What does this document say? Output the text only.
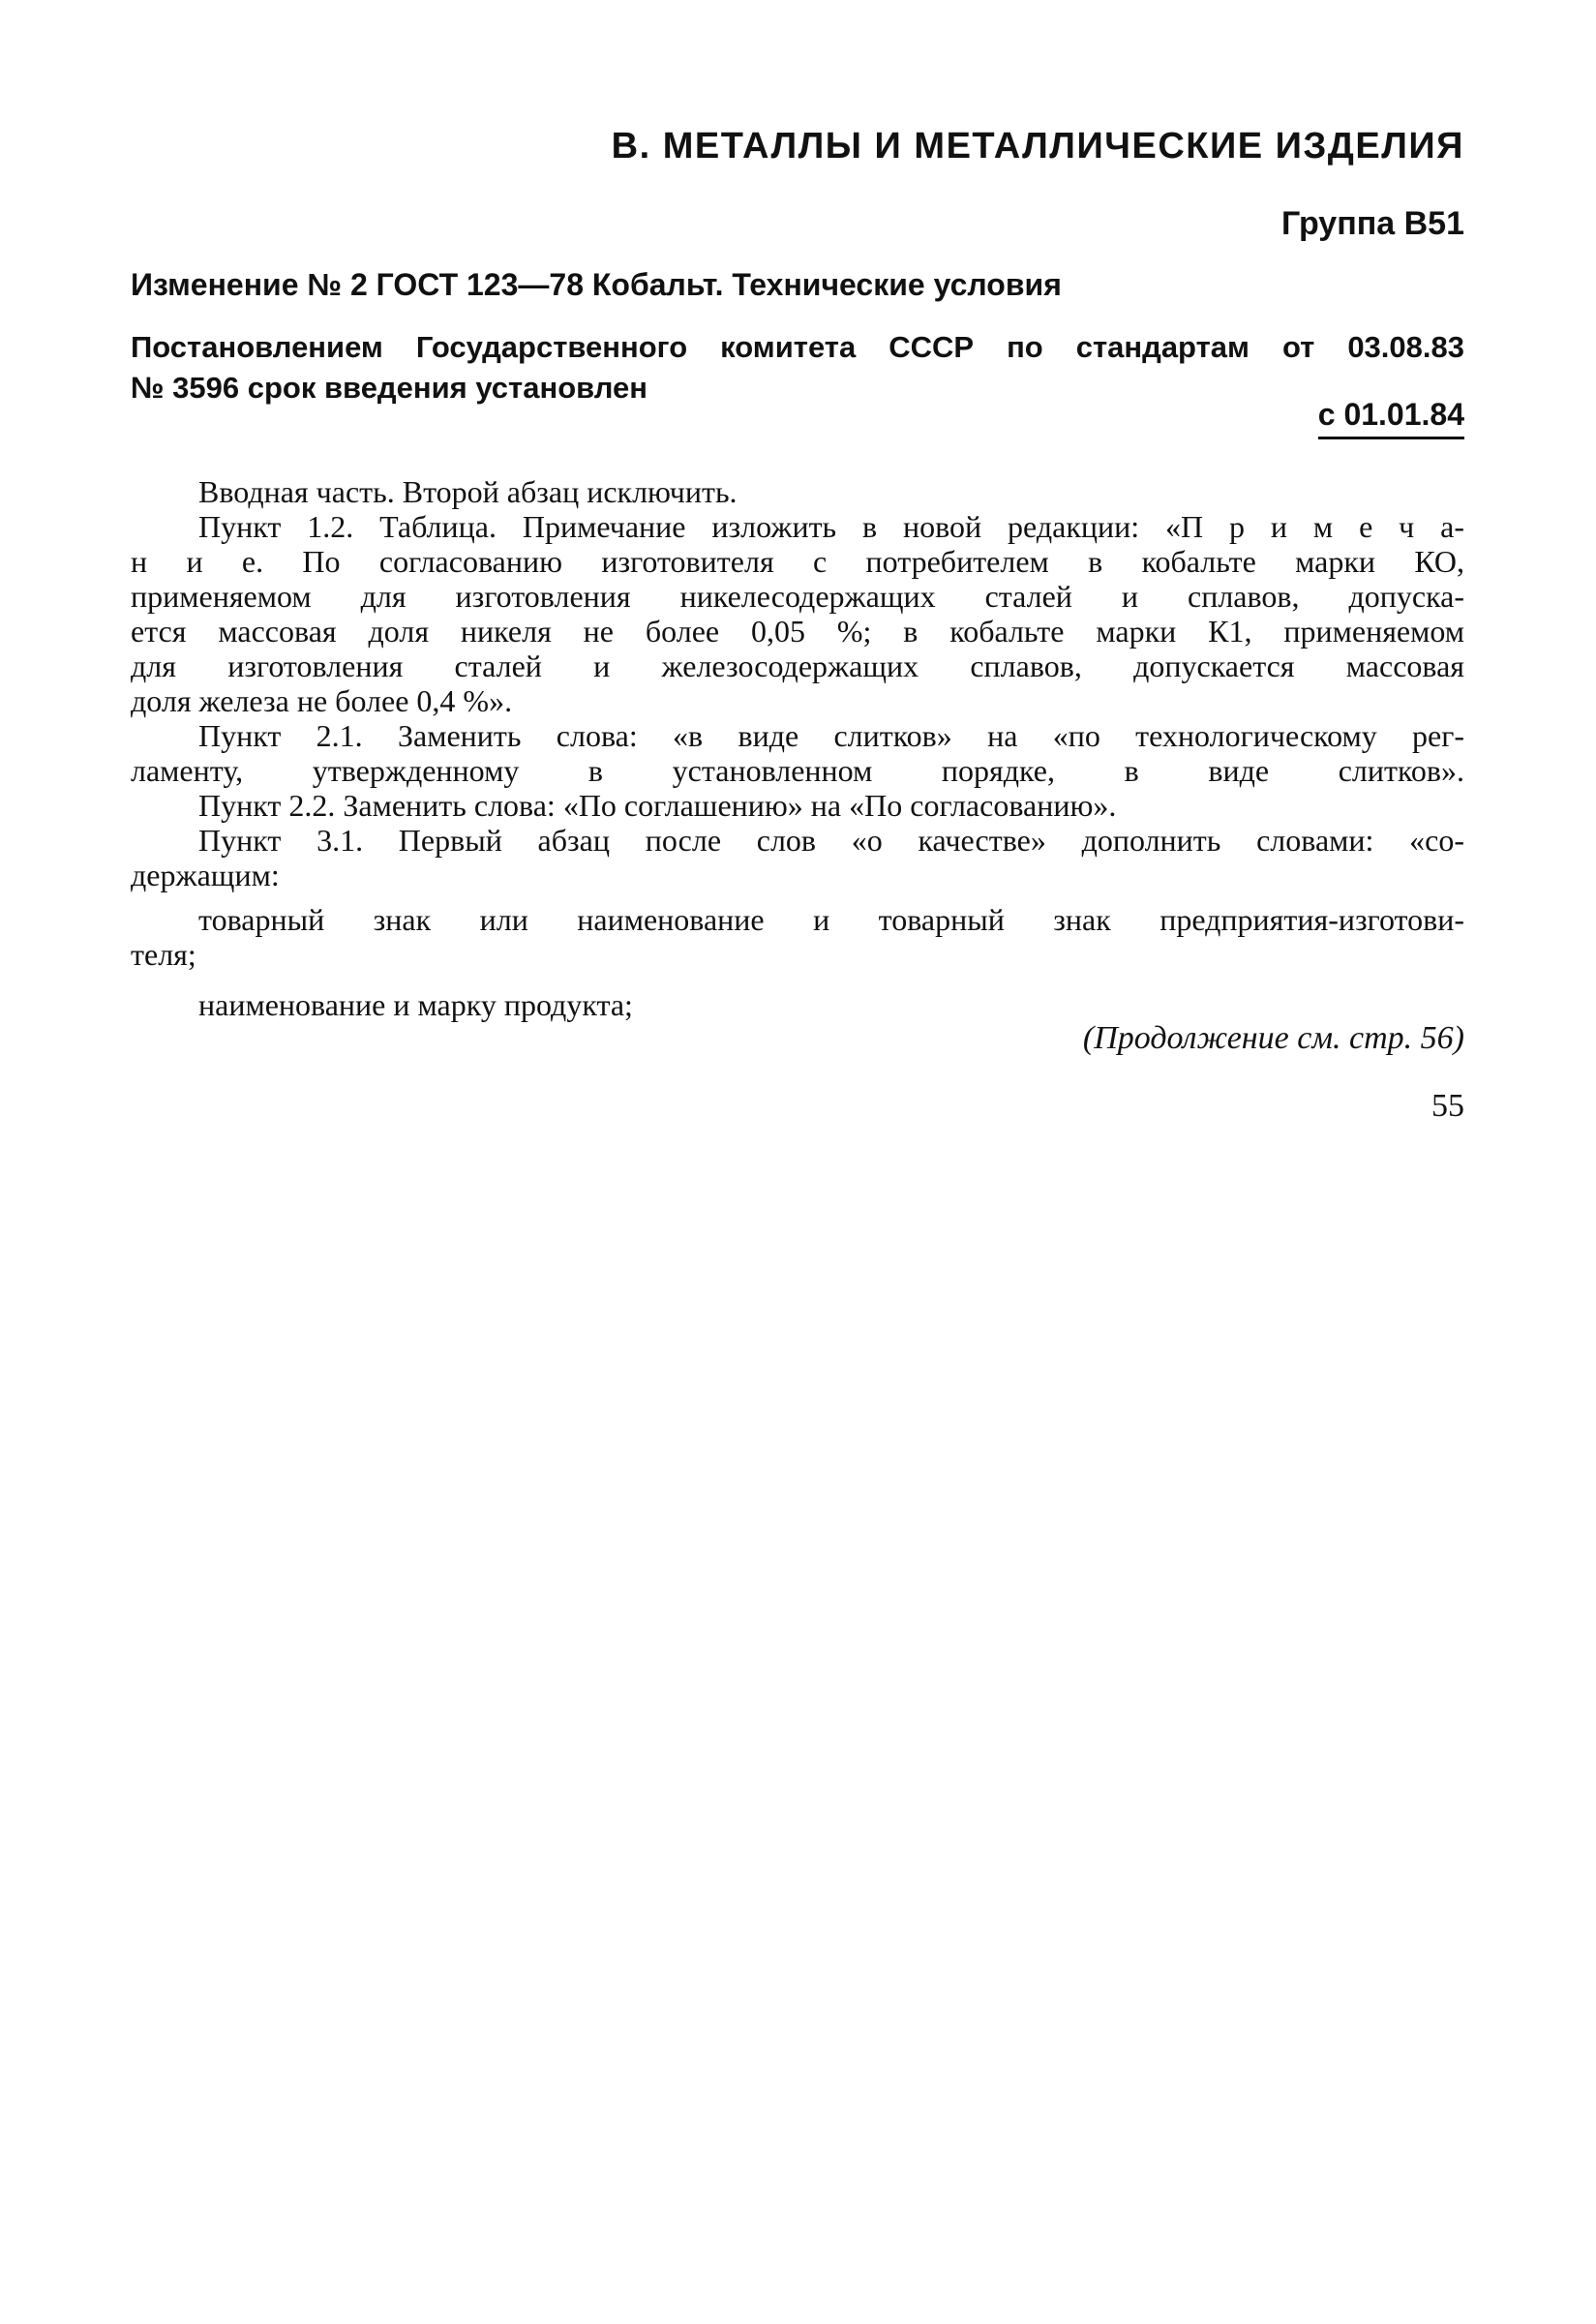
В. МЕТАЛЛЫ И МЕТАЛЛИЧЕСКИЕ ИЗДЕЛИЯ
Группа В51
Изменение № 2 ГОСТ 123—78 Кобальт. Технические условия
Постановлением Государственного комитета СССР по стандартам от 03.08.83
№ 3596 срок введения установлен
с 01.01.84
Вводная часть. Второй абзац исключить.
Пункт 1.2. Таблица. Примечание изложить в новой редакции: «П р и м е ч а-
н и е. По согласованию изготовителя с потребителем в кобальте марки КО,
применяемом для изготовления никелесодержащих сталей и сплавов, допуска-
ется массовая доля никеля не более 0,05 %; в кобальте марки К1, применяемом
для изготовления сталей и железосодержащих сплавов, допускается массовая
доля железа не более 0,4 %».
Пункт 2.1. Заменить слова: «в виде слитков» на «по технологическому рег-
ламенту, утвержденному в установленном порядке, в виде слитков».
Пункт 2.2. Заменить слова: «По соглашению» на «По согласованию».
Пункт 3.1. Первый абзац после слов «о качестве» дополнить словами: «со-
держащим:
товарный знак или наименование и товарный знак предприятия-изготови-
теля;
наименование и марку продукта;
(Продолжение см. стр. 56)
55
